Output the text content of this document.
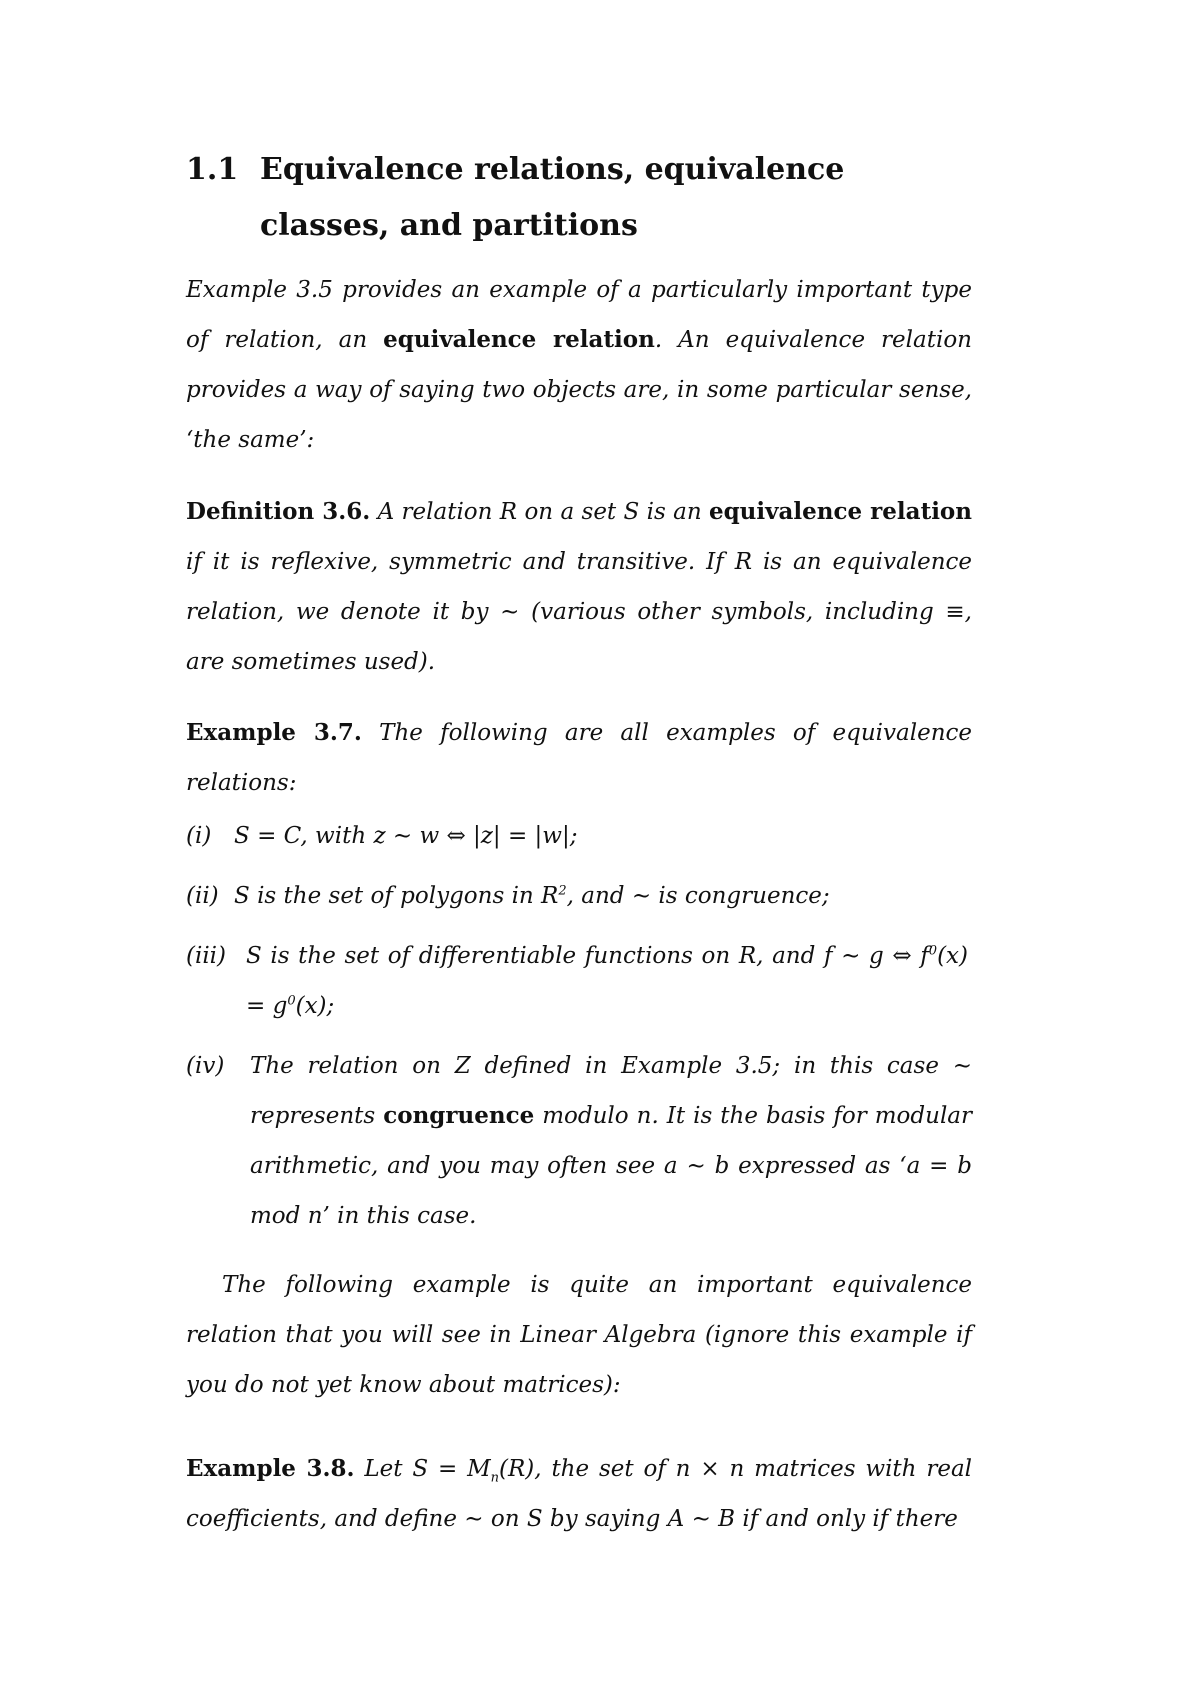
1.1 Equivalence relations, equivalence classes, and partitions

Example 3.5 provides an example of a particularly important type of relation, an equivalence relation. An equivalence relation provides a way of saying two objects are, in some particular sense, ‘the same’:

Definition 3.6. A relation R on a set S is an equivalence relation if it is reflexive, symmetric and transitive. If R is an equivalence relation, we denote it by ∼ (various other symbols, including ≡, are sometimes used).

Example 3.7. The following are all examples of equivalence relations:

(i) S = C, with z ∼ w ⇔ |z| = |w|;
(ii) S is the set of polygons in $R^2$, and ∼ is congruence;
(iii) S is the set of differentiable functions on R, and f ∼ g ⇔ $f^0(x) = g^0(x)$;
(iv) The relation on Z defined in Example 3.5; in this case ∼ represents congruence modulo n. It is the basis for modular arithmetic, and you may often see a ∼ b expressed as ‘a = b mod n’ in this case.

The following example is quite an important equivalence relation that you will see in Linear Algebra (ignore this example if you do not yet know about matrices):

Example 3.8. Let $S = M_n(R)$, the set of n × n matrices with real coefficients, and define ∼ on S by saying A ∼ B if and only if there
